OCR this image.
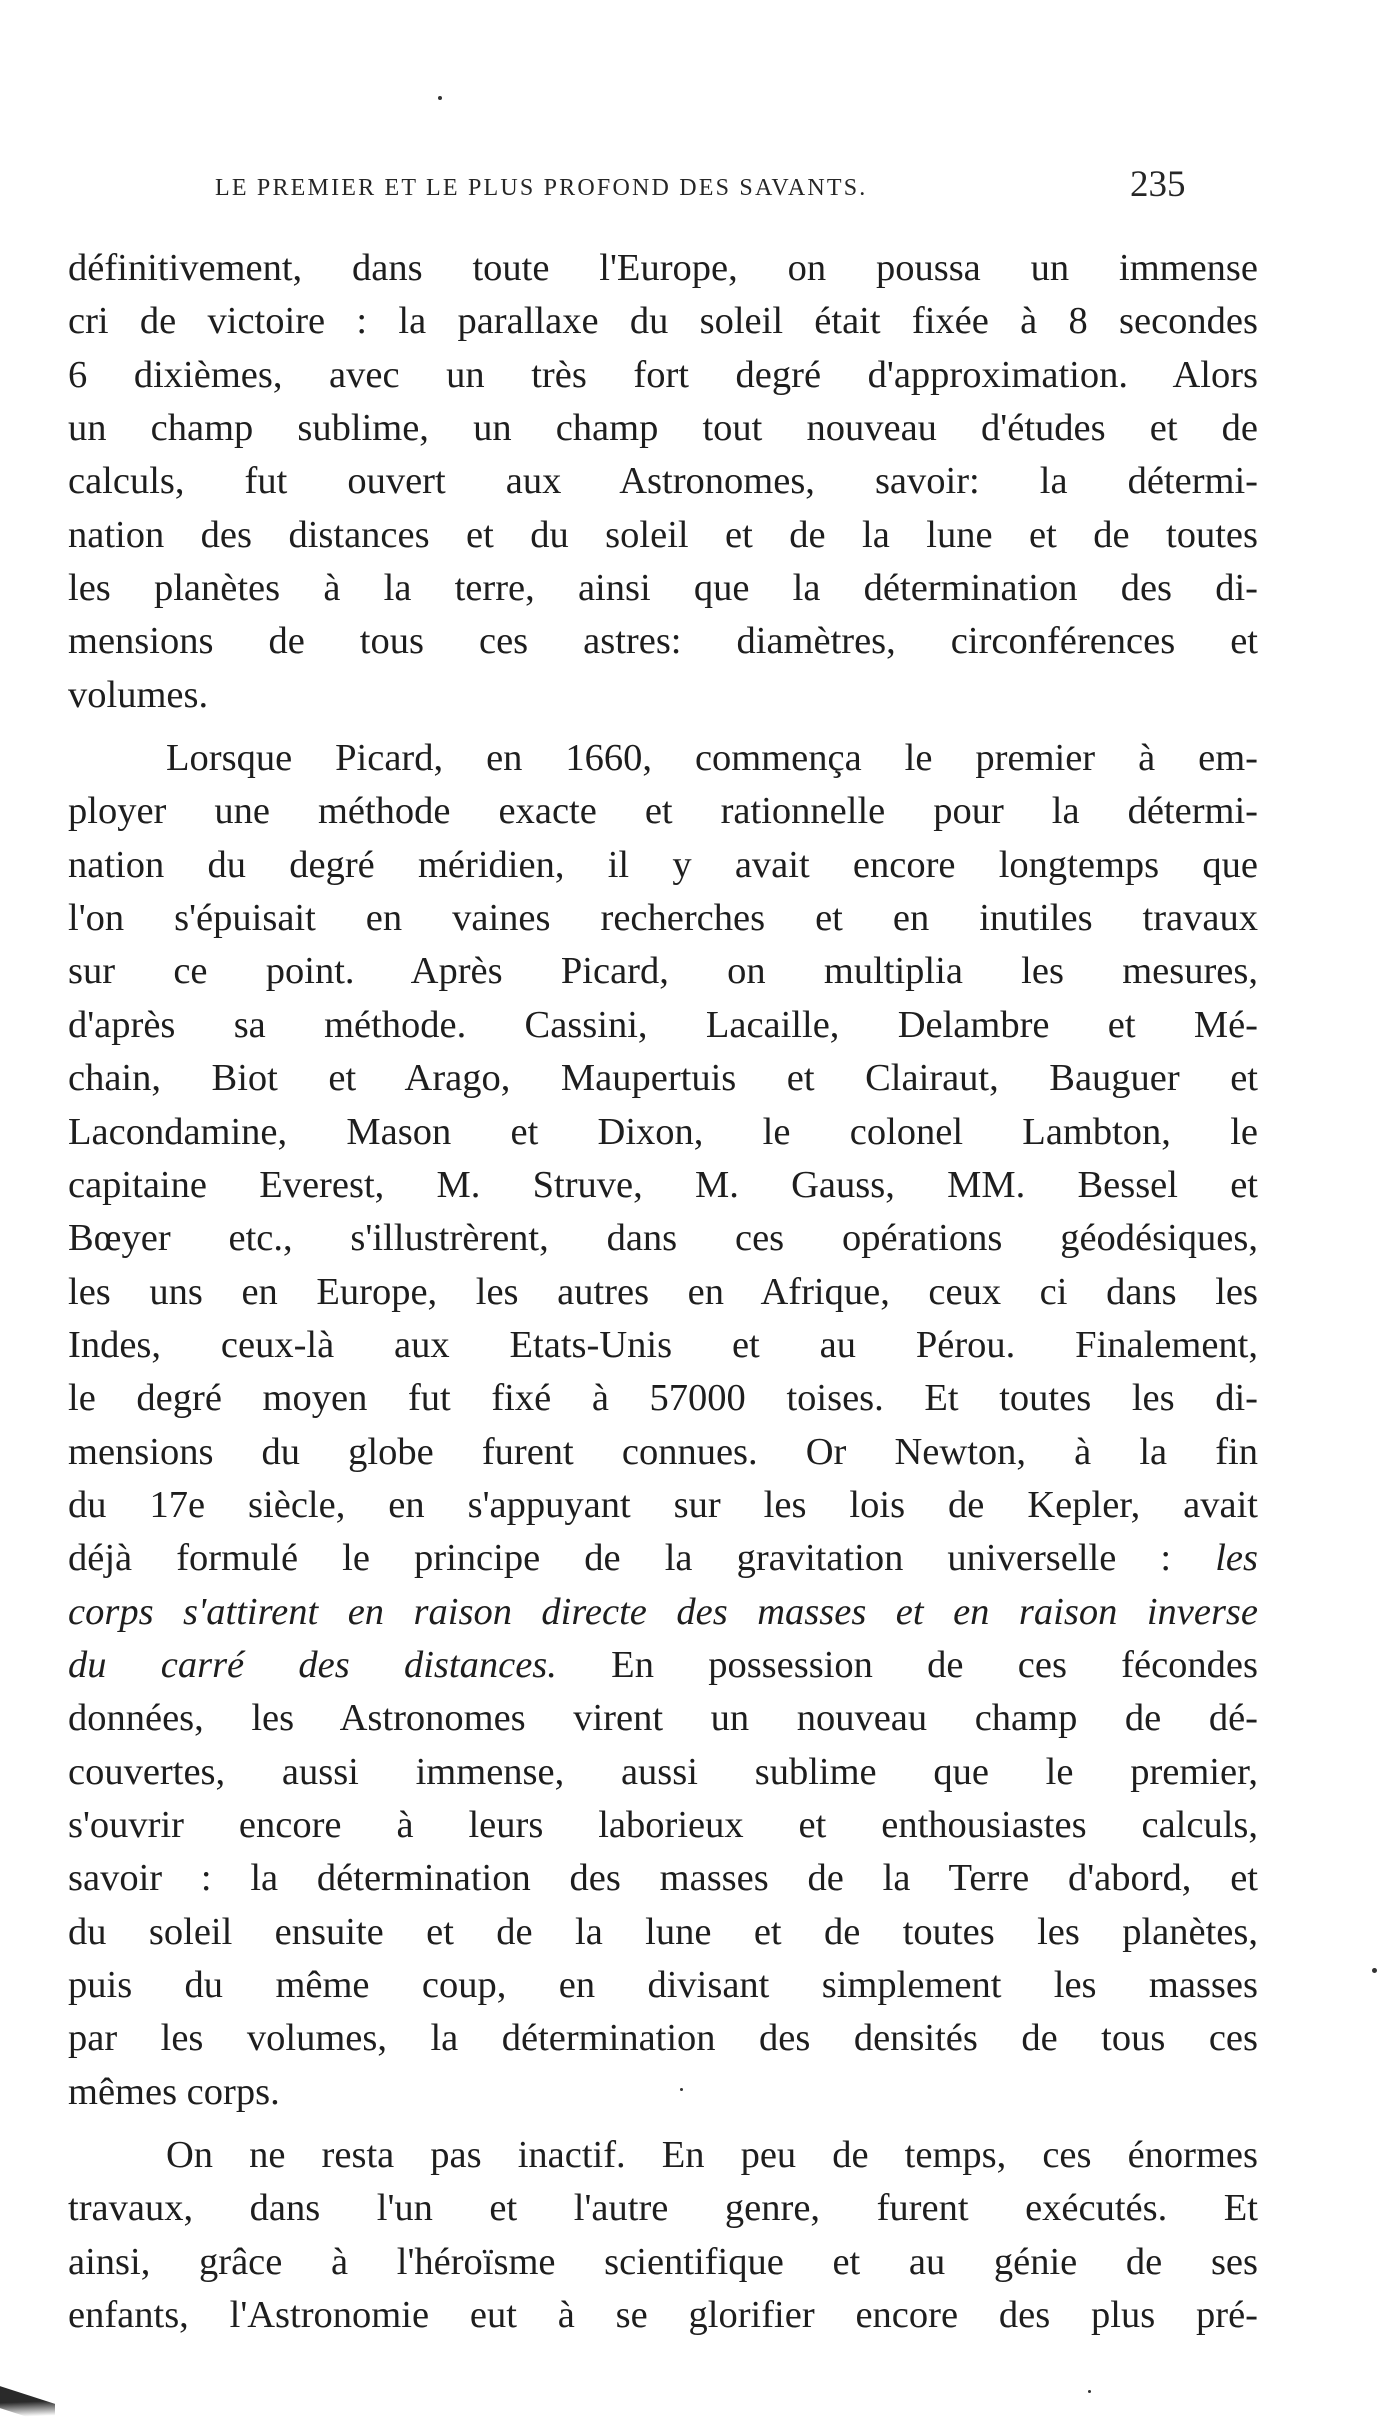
LE PREMIER ET LE PLUS PROFOND DES SAVANTS.	235
définitivement, dans toute l'Europe, on poussa un immense
cri de victoire : la parallaxe du soleil était fixée à 8 secondes
6 dixièmes, avec un très fort degré d'approximation. Alors
un champ sublime, un champ tout nouveau d'études et de
calculs, fut ouvert aux Astronomes, savoir: la détermi-
nation des distances et du soleil et de la lune et de toutes
les planètes à la terre, ainsi que la détermination des di-
mensions de tous ces astres: diamètres, circonférences et
volumes.
Lorsque Picard, en 1660, commença le premier à em-
ployer une méthode exacte et rationnelle pour la détermi-
nation du degré méridien, il y avait encore longtemps que
l'on s'épuisait en vaines recherches et en inutiles travaux
sur ce point. Après Picard, on multiplia les mesures,
d'après sa méthode. Cassini, Lacaille, Delambre et Mé-
chain, Biot et Arago, Maupertuis et Clairaut, Bauguer et
Lacondamine, Mason et Dixon, le colonel Lambton, le
capitaine Everest, M. Struve, M. Gauss, MM. Bessel et
Bœyer etc., s'illustrèrent, dans ces opérations géodésiques,
les uns en Europe, les autres en Afrique, ceux ci dans les
Indes, ceux-là aux Etats-Unis et au Pérou. Finalement,
le degré moyen fut fixé à 57000 toises. Et toutes les di-
mensions du globe furent connues. Or Newton, à la fin
du 17e siècle, en s'appuyant sur les lois de Kepler, avait
déjà formulé le principe de la gravitation universelle : les
corps s'attirent en raison directe des masses et en raison inverse
du carré des distances. En possession de ces fécondes
données, les Astronomes virent un nouveau champ de dé-
couvertes, aussi immense, aussi sublime que le premier,
s'ouvrir encore à leurs laborieux et enthousiastes calculs,
savoir : la détermination des masses de la Terre d'abord, et
du soleil ensuite et de la lune et de toutes les planètes,
puis du même coup, en divisant simplement les masses
par les volumes, la détermination des densités de tous ces
mêmes corps.
On ne resta pas inactif. En peu de temps, ces énormes
travaux, dans l'un et l'autre genre, furent exécutés. Et
ainsi, grâce à l'héroïsme scientifique et au génie de ses
enfants, l'Astronomie eut à se glorifier encore des plus pré-
